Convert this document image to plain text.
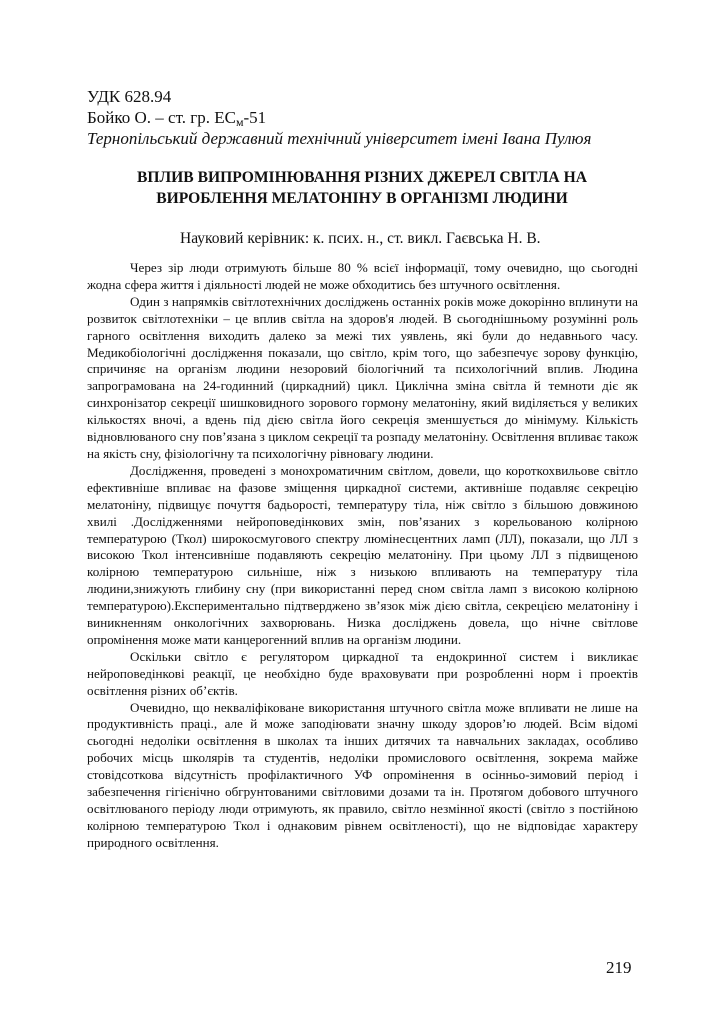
УДК 628.94
Бойко О. – ст. гр. $ЕС_м-51$
Тернопільський державний технічний університет імені Івана Пулюя
ВПЛИВ ВИПРОМІНЮВАННЯ РІЗНИХ ДЖЕРЕЛ СВІТЛА НА
ВИРОБЛЕННЯ МЕЛАТОНІНУ В ОРГАНІЗМІ ЛЮДИНИ
Науковий керівник: к. псих. н., ст. викл. Гаєвська Н. В.

Через зір люди отримують більше 80 % всієї інформації, тому очевидно, що сьогодні жодна сфера життя і діяльності людей не може обходитись без штучного освітлення.

Один з напрямків світлотехнічних досліджень останніх років може докорінно вплинути на розвиток світлотехніки – це вплив світла на здоров'я людей. В сьогоднішньому розумінні роль гарного освітлення виходить далеко за межі тих уявлень, які були до недавнього часу. Медикобіологічні дослідження показали, що світло, крім того, що забезпечує зорову функцію, спричиняє на організм людини незоровий біологічний та психологічний вплив. Людина запрограмована на 24-годинний (циркадний) цикл. Циклічна зміна світла й темноти діє як синхронізатор секреції шишковидного зорового гормону мелатоніну, який виділяється у великих кількостях вночі, а вдень під дією світла його секреція зменшується до мінімуму. Кількість відновлюваного сну пов’язана з циклом секреції та розпаду мелатоніну. Освітлення впливає також на якість сну, фізіологічну та психологічну рівновагу людини.

Дослідження, проведені з монохроматичним світлом, довели, що короткохвильове світло ефективніше впливає на фазове зміщення циркадної системи, активніше подавляє секрецію мелатоніну, підвищує почуття бадьорості, температуру тіла, ніж світло з більшою довжиною хвилі .Дослідженнями нейроповедінкових змін, пов’язаних з корельованою колірною температурою (Ткол) широкосмугового спектру люмінесцентних ламп (ЛЛ), показали, що ЛЛ з високою Ткол інтенсивніше подавляють секрецію мелатоніну. При цьому ЛЛ з підвищеною колірною температурою сильніше, ніж з низькою впливають на температуру тіла людини,знижують глибину сну (при використанні перед сном світла ламп з високою колірною температурою).Експериментально підтверджено зв’язок між дією світла, секрецією мелатоніну і виникненням онкологічних захворювань. Низка досліджень довела, що нічне світлове опромінення може мати канцерогенний вплив на організм людини.

Оскільки світло є регулятором циркадної та ендокринної систем і викликає нейроповедінкові реакції, це необхідно буде враховувати при розробленні норм і проектів освітлення різних об’єктів.

Очевидно, що некваліфіковане використання штучного світла може впливати не лише на продуктивність праці., але й може заподіювати значну шкоду здоров’ю людей. Всім відомі сьогодні недоліки освітлення в школах та інших дитячих та навчальних закладах, особливо робочих місць школярів та студентів, недоліки промислового освітлення, зокрема майже стовідсоткова відсутність профілактичного УФ опромінення в осінньо-зимовий період і забезпечення гігієнічно обгрунтованими світловими дозами та ін. Протягом добового штучного освітлюваного періоду люди отримують, як правило, світло незмінної якості (світло з постійною колірною температурою Ткол і однаковим рівнем освітленості), що не відповідає характеру природного освітлення.

219
